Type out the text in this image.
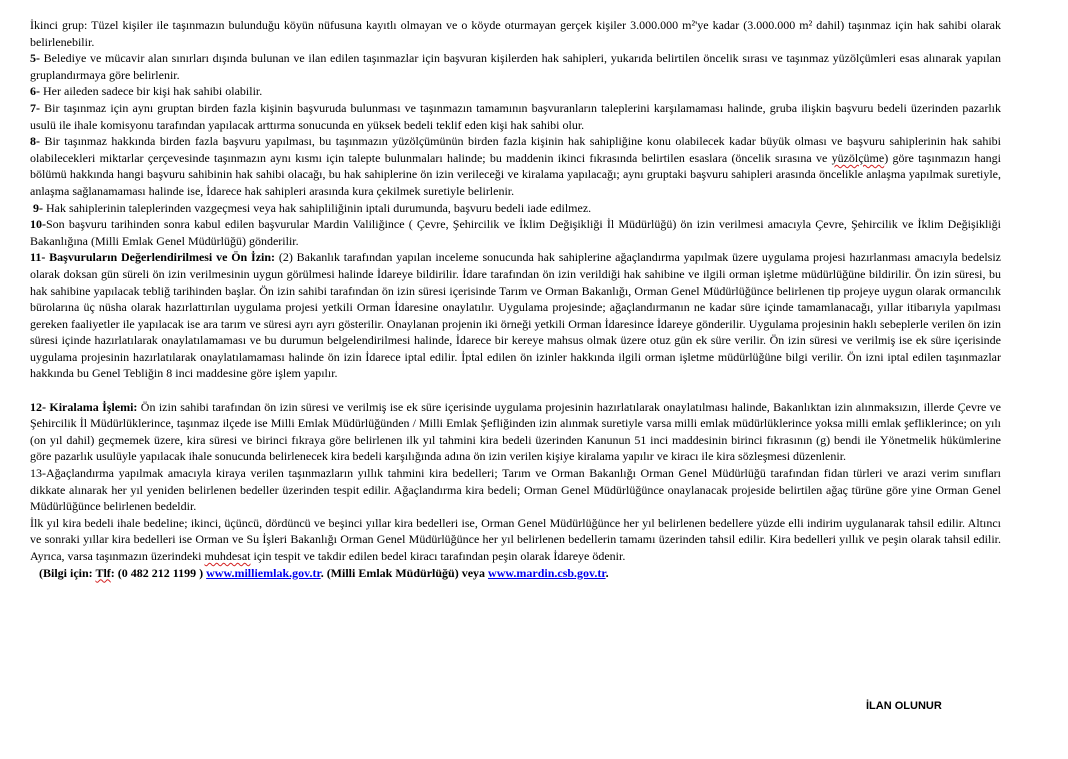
İkinci grup: Tüzel kişiler ile taşınmazın bulunduğu köyün nüfusuna kayıtlı olmayan ve o köyde oturmayan gerçek kişiler 3.000.000 m²'ye kadar (3.000.000 m² dahil) taşınmaz için hak sahibi olarak belirlenebilir.

5- Belediye ve mücavir alan sınırları dışında bulunan ve ilan edilen taşınmazlar için başvuran kişilerden hak sahipleri, yukarıda belirtilen öncelik sırası ve taşınmaz yüzölçümleri esas alınarak yapılan gruplandırmaya göre belirlenir.

6- Her aileden sadece bir kişi hak sahibi olabilir.

7- Bir taşınmaz için aynı gruptan birden fazla kişinin başvuruda bulunması ve taşınmazın tamamının başvuranların taleplerini karşılamaması halinde, gruba ilişkin başvuru bedeli üzerinden pazarlık usulü ile ihale komisyonu tarafından yapılacak arttırma sonucunda en yüksek bedeli teklif eden kişi hak sahibi olur.

8- Bir taşınmaz hakkında birden fazla başvuru yapılması, bu taşınmazın yüzölçümünün birden fazla kişinin hak sahipliğine konu olabilecek kadar büyük olması ve başvuru sahiplerinin hak sahibi olabilecekleri miktarlar çerçevesinde taşınmazın aynı kısmı için talepte bulunmaları halinde; bu maddenin ikinci fıkrasında belirtilen esaslara (öncelik sırasına ve yüzölçüme) göre taşınmazın hangi bölümü hakkında hangi başvuru sahibinin hak sahibi olacağı, bu hak sahiplerine ön izin verileceği ve kiralama yapılacağı; aynı gruptaki başvuru sahipleri arasında öncelikle anlaşma yapılmak suretiyle, anlaşma sağlanamaması halinde ise, İdarece hak sahipleri arasında kura çekilmek suretiyle belirlenir.

9- Hak sahiplerinin taleplerinden vazgeçmesi veya hak sahipliliğinin iptali durumunda, başvuru bedeli iade edilmez.

10-Son başvuru tarihinden sonra kabul edilen başvurular Mardin Valiliğince ( Çevre, Şehircilik ve İklim Değişikliği İl Müdürlüğü) ön izin verilmesi amacıyla Çevre, Şehircilik ve İklim Değişikliği Bakanlığına (Milli Emlak Genel Müdürlüğü) gönderilir.

11- Başvuruların Değerlendirilmesi ve Ön İzin: (2) Bakanlık tarafından yapılan inceleme sonucunda hak sahiplerine ağaçlandırma yapılmak üzere uygulama projesi hazırlanması amacıyla bedelsiz olarak doksan gün süreli ön izin verilmesinin uygun görülmesi halinde İdareye bildirilir. İdare tarafından ön izin verildiği hak sahibine ve ilgili orman işletme müdürlüğüne bildirilir. Ön izin süresi, bu hak sahibine yapılacak tebliğ tarihinden başlar. Ön izin sahibi tarafından ön izin süresi içerisinde Tarım ve Orman Bakanlığı, Orman Genel Müdürlüğünce belirlenen tip projeye uygun olarak ormancılık bürolarına üç nüsha olarak hazırlattırılan uygulama projesi yetkili Orman İdaresine onaylatılır. Uygulama projesinde; ağaçlandırmanın ne kadar süre içinde tamamlanacağı, yıllar itibarıyla yapılması gereken faaliyetler ile yapılacak ise ara tarım ve süresi ayrı ayrı gösterilir. Onaylanan projenin iki örneği yetkili Orman İdaresince İdareye gönderilir. Uygulama projesinin haklı sebeplerle verilen ön izin süresi içinde hazırlatılarak onaylatılamaması ve bu durumun belgelendirilmesi halinde, İdarece bir kereye mahsus olmak üzere otuz gün ek süre verilir. Ön izin süresi ve verilmiş ise ek süre içerisinde uygulama projesinin hazırlatılarak onaylatılamaması halinde ön izin İdarece iptal edilir. İptal edilen ön izinler hakkında ilgili orman işletme müdürlüğüne bilgi verilir. Ön izni iptal edilen taşınmazlar hakkında bu Genel Tebliğin 8 inci maddesine göre işlem yapılır.

12- Kiralama İşlemi: Ön izin sahibi tarafından ön izin süresi ve verilmiş ise ek süre içerisinde uygulama projesinin hazırlatılarak onaylatılması halinde, Bakanlıktan izin alınmaksızın, illerde Çevre ve Şehircilik İl Müdürlüklerince, taşınmaz ilçede ise Milli Emlak Müdürlüğünden / Milli Emlak Şefliğinden izin alınmak suretiyle varsa milli emlak müdürlüklerince yoksa milli emlak şefliklerince; on yılı (on yıl dahil) geçmemek üzere, kira süresi ve birinci fıkraya göre belirlenen ilk yıl tahmini kira bedeli üzerinden Kanunun 51 inci maddesinin birinci fıkrasının (g) bendi ile Yönetmelik hükümlerine göre pazarlık usulüyle yapılacak ihale sonucunda belirlenecek kira bedeli karşılığında adına ön izin verilen kişiye kiralama yapılır ve kiracı ile kira sözleşmesi düzenlenir.

13-Ağaçlandırma yapılmak amacıyla kiraya verilen taşınmazların yıllık tahmini kira bedelleri; Tarım ve Orman Bakanlığı Orman Genel Müdürlüğü tarafından fidan türleri ve arazi verim sınıfları dikkate alınarak her yıl yeniden belirlenen bedeller üzerinden tespit edilir. Ağaçlandırma kira bedeli; Orman Genel Müdürlüğünce onaylanacak projeside belirtilen ağaç türüne göre yine Orman Genel Müdürlüğünce belirlenen bedeldir.

İlk yıl kira bedeli ihale bedeline; ikinci, üçüncü, dördüncü ve beşinci yıllar kira bedelleri ise, Orman Genel Müdürlüğünce her yıl belirlenen bedellere yüzde elli indirim uygulanarak tahsil edilir. Altıncı ve sonraki yıllar kira bedelleri ise Orman ve Su İşleri Bakanlığı Orman Genel Müdürlüğünce her yıl belirlenen bedellerin tamamı üzerinden tahsil edilir. Kira bedelleri yıllık ve peşin olarak tahsil edilir. Ayrıca, varsa taşınmazın üzerindeki muhdesat için tespit ve takdir edilen bedel kiracı tarafından peşin olarak İdareye ödenir.

(Bilgi için: Tlf: (0 482 212 1199 ) www.milliemlak.gov.tr. (Milli Emlak Müdürlüğü) veya www.mardin.csb.gov.tr.

İLAN OLUNUR
